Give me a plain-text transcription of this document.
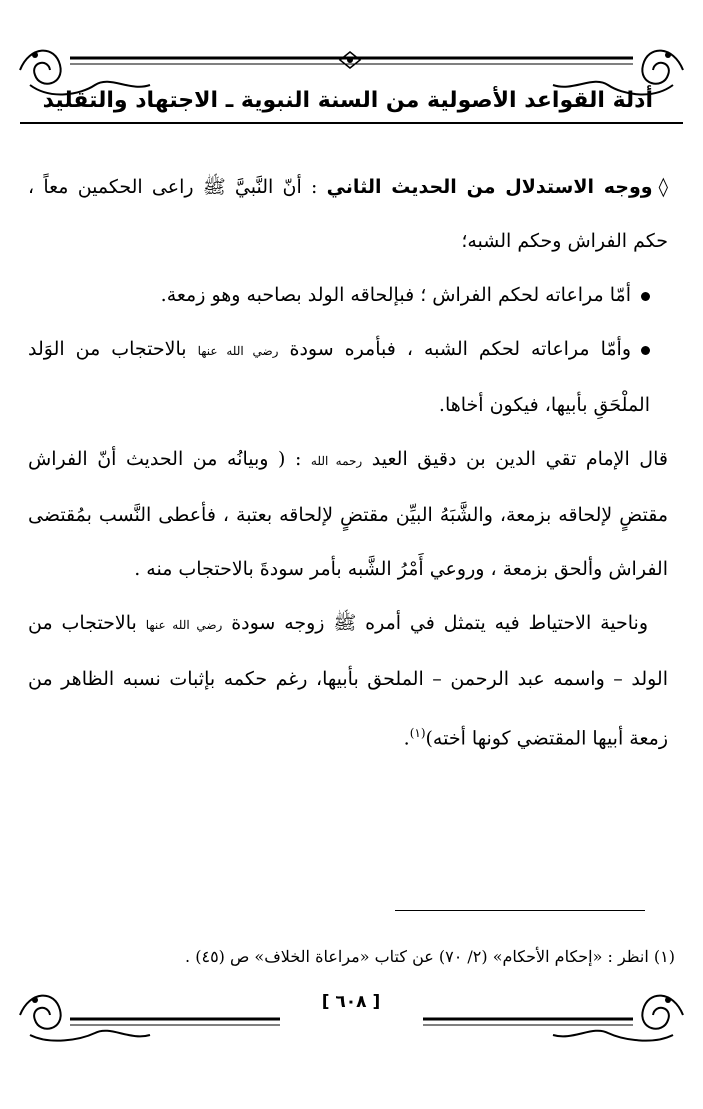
أدلة القواعد الأصولية من السنة النبوية ـ الاجتهاد والتقليد

◊ووجه الاستدلال من الحديث الثاني : أنّ النَّبيَّ ﷺ راعى الحكمين معاً ، حكم الفراش وحكم الشبه؛

أمّا مراعاته لحكم الفراش ؛ فبإلحاقه الولد بصاحبه وهو زمعة.

وأمّا مراعاته لحكم الشبه ، فبأمره سودة رضي الله عنها بالاحتجاب من الوَلد الملْحَقِ بأبيها، فيكون أخاها.

قال الإمام تقي الدين بن دقيق العيد رحمه الله : ( وبيانُه من الحديث أنّ الفراش مقتضٍ لإلحاقه بزمعة، والشَّبَهُ البيِّن مقتضٍ لإلحاقه بعتبة ، فأعطى النَّسب بمُقتضى الفراش وألحق بزمعة ، وروعي أَمْرُ الشَّبه بأمر سودةَ بالاحتجاب منه .

وناحية الاحتياط فيه يتمثل في أمره ﷺ زوجه سودة رضي الله عنها بالاحتجاب من الولد – واسمه عبد الرحمن – الملحق بأبيها، رغم حكمه بإثبات نسبه الظاهر من زمعة أبيها المقتضي كونها أخته)$^{(١)}$.

(١) انظر : «إحكام الأحكام» (٢/ ٧٠) عن كتاب «مراعاة الخلاف» ص (٤٥) .
[ ٦٠٨ ]
